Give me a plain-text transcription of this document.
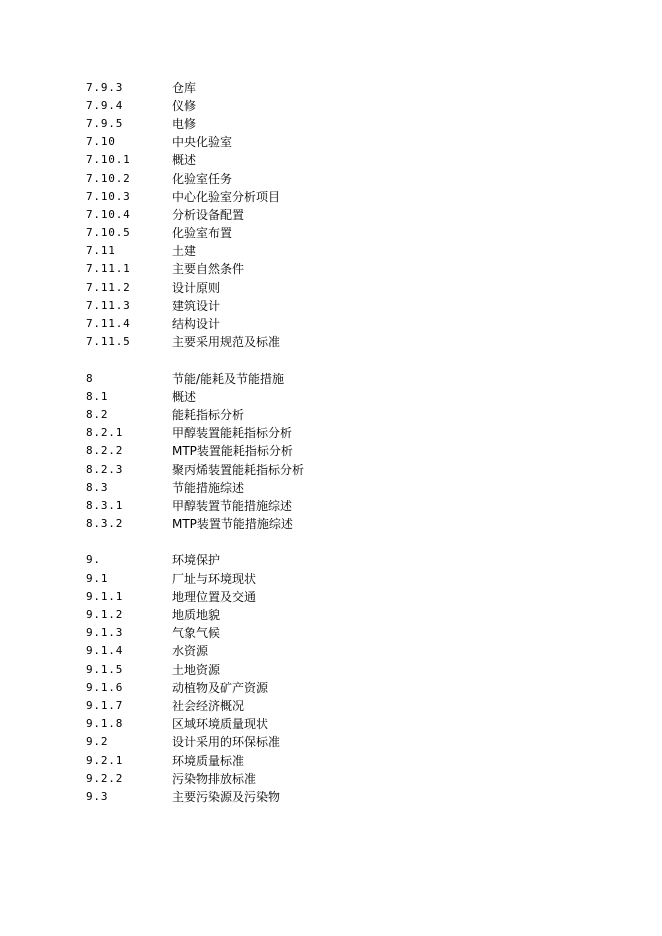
7.9.3	仓库
7.9.4	仪修
7.9.5	电修
7.10	中央化验室
7.10.1	概述
7.10.2	化验室任务
7.10.3	中心化验室分析项目
7.10.4	分析设备配置
7.10.5	化验室布置
7.11	土建
7.11.1	主要自然条件
7.11.2	设计原则
7.11.3	建筑设计
7.11.4	结构设计
7.11.5	主要采用规范及标准
8	节能/能耗及节能措施
8.1	概述
8.2	能耗指标分析
8.2.1	甲醇装置能耗指标分析
8.2.2	MTP装置能耗指标分析
8.2.3	聚丙烯装置能耗指标分析
8.3	节能措施综述
8.3.1	甲醇装置节能措施综述
8.3.2	MTP装置节能措施综述
9.	环境保护
9.1	厂址与环境现状
9.1.1	地理位置及交通
9.1.2	地质地貌
9.1.3	气象气候
9.1.4	水资源
9.1.5	土地资源
9.1.6	动植物及矿产资源
9.1.7	社会经济概况
9.1.8	区域环境质量现状
9.2	设计采用的环保标准
9.2.1	环境质量标准
9.2.2	污染物排放标准
9.3	主要污染源及污染物
